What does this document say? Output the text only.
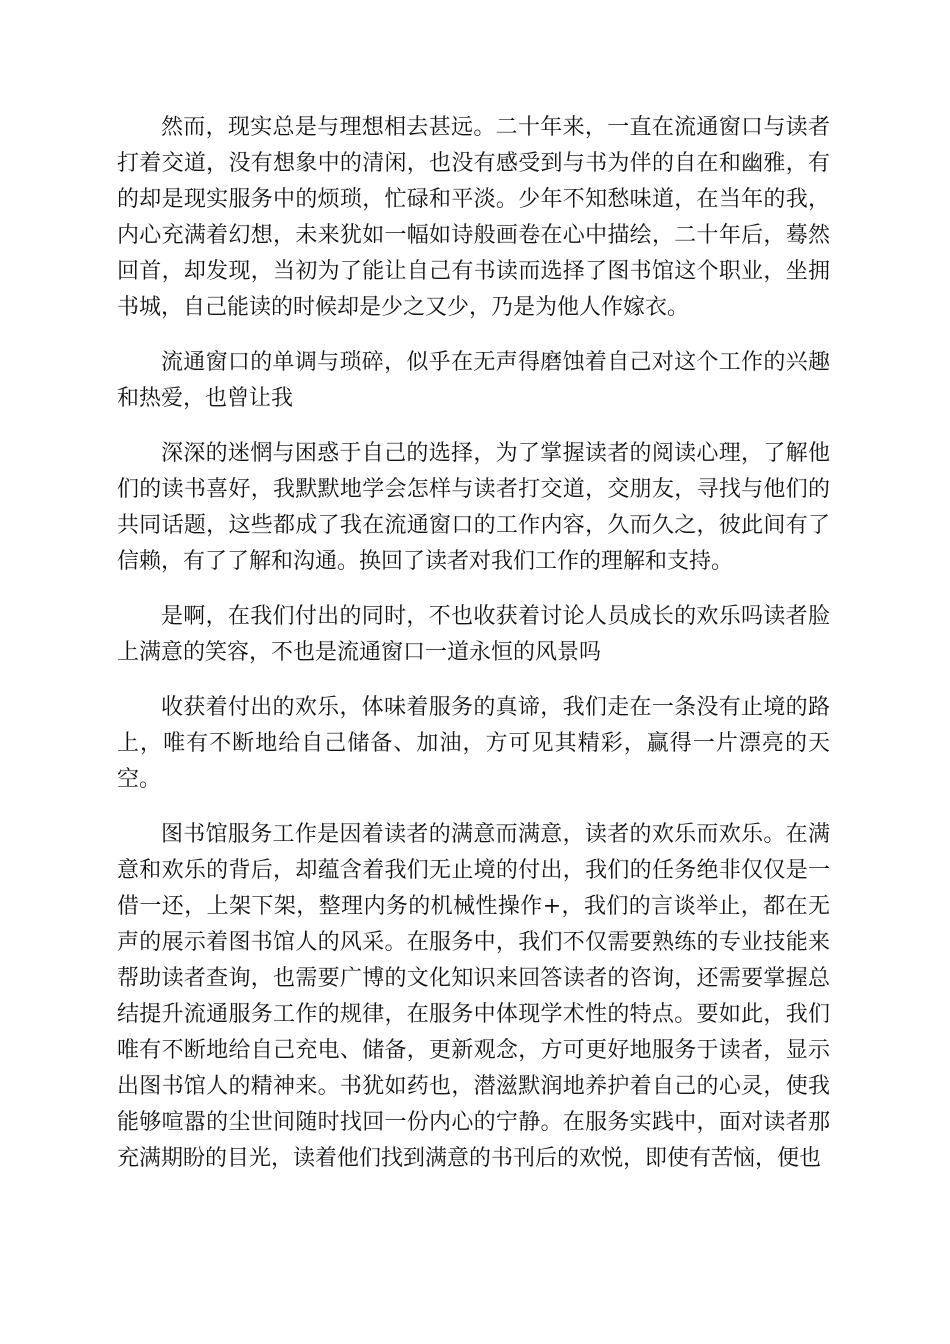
然而，现实总是与理想相去甚远。二十年来，一直在流通窗口与读者打着交道，没有想象中的清闲，也没有感受到与书为伴的自在和幽雅，有的却是现实服务中的烦琐，忙碌和平淡。少年不知愁味道，在当年的我，内心充满着幻想，未来犹如一幅如诗般画卷在心中描绘，二十年后，蓦然回首，却发现，当初为了能让自己有书读而选择了图书馆这个职业，坐拥书城，自己能读的时候却是少之又少，乃是为他人作嫁衣。

流通窗口的单调与琐碎，似乎在无声得磨蚀着自己对这个工作的兴趣和热爱，也曾让我

深深的迷惘与困惑于自己的选择，为了掌握读者的阅读心理，了解他们的读书喜好，我默默地学会怎样与读者打交道，交朋友，寻找与他们的共同话题，这些都成了我在流通窗口的工作内容，久而久之，彼此间有了信赖，有了了解和沟通。换回了读者对我们工作的理解和支持。

是啊，在我们付出的同时，不也收获着讨论人员成长的欢乐吗读者脸上满意的笑容，不也是流通窗口一道永恒的风景吗

收获着付出的欢乐，体味着服务的真谛，我们走在一条没有止境的路上，唯有不断地给自己储备、加油，方可见其精彩，赢得一片漂亮的天空。

图书馆服务工作是因着读者的满意而满意，读者的欢乐而欢乐。在满意和欢乐的背后，却蕴含着我们无止境的付出，我们的任务绝非仅仅是一借一还，上架下架，整理内务的机械性操作+，我们的言谈举止，都在无声的展示着图书馆人的风采。在服务中，我们不仅需要熟练的专业技能来帮助读者查询，也需要广博的文化知识来回答读者的咨询，还需要掌握总结提升流通服务工作的规律，在服务中体现学术性的特点。要如此，我们唯有不断地给自己充电、储备，更新观念，方可更好地服务于读者，显示出图书馆人的精神来。书犹如药也，潜滋默润地养护着自己的心灵，使我能够喧嚣的尘世间随时找回一份内心的宁静。在服务实践中，面对读者那充满期盼的目光，读着他们找到满意的书刊后的欢悦，即使有苦恼，便也
